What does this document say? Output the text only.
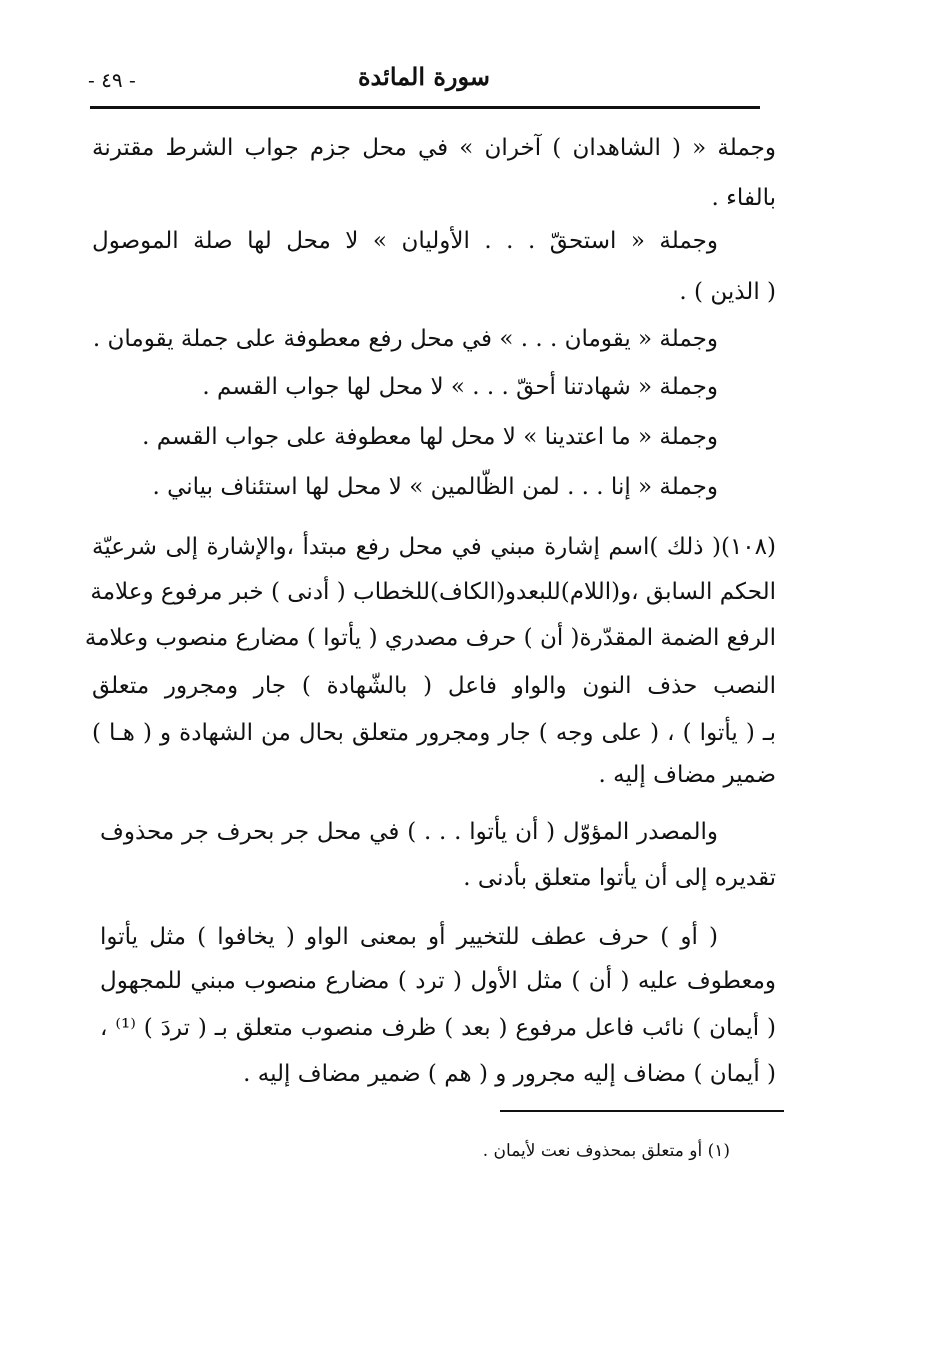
- ٤٩ -	سورة المائدة
وجملة « ( الشاهدان ) آخران » في محل جزم جواب الشرط مقترنة
بالفاء .
وجملة « استحقّ . . . الأوليان » لا محل لها صلة الموصول
( الذين ) .
وجملة « يقومان . . . » في محل رفع معطوفة على جملة يقومان .
وجملة « شهادتنا أحقّ . . . » لا محل لها جواب القسم .
وجملة « ما اعتدينا » لا محل لها معطوفة على جواب القسم .
وجملة « إنا . . . لمن الظّالمين » لا محل لها استئناف بياني .
(١٠٨)( ذلك )اسم إشارة مبني في محل رفع مبتدأ ،والإشارة إلى شرعيّة
الحكم السابق ،و(اللام)للبعدو(الكاف)للخطاب ( أدنى ) خبر مرفوع وعلامة
الرفع الضمة المقدّرة( أن ) حرف مصدري ( يأتوا ) مضارع منصوب وعلامة
النصب حذف النون والواو فاعل ( بالشّهادة ) جار ومجرور متعلق
بـ ( يأتوا ) ، ( على وجه ) جار ومجرور متعلق بحال من الشهادة و ( هـا )
ضمير مضاف إليه .
والمصدر المؤوّل ( أن يأتوا . . . ) في محل جر بحرف جر محذوف
تقديره إلى أن يأتوا متعلق بأدنى .
( أو ) حرف عطف للتخيير أو بمعنى الواو ( يخافوا ) مثل يأتوا
ومعطوف عليه ( أن ) مثل الأول ( ترد ) مضارع منصوب مبني للمجهول
( أيمان ) نائب فاعل مرفوع ( بعد ) ظرف منصوب متعلق بـ ( تردَ ) ⁽¹⁾ ،
( أيمان ) مضاف إليه مجرور و ( هم ) ضمير مضاف إليه .
(١) أو متعلق بمحذوف نعت لأيمان .
